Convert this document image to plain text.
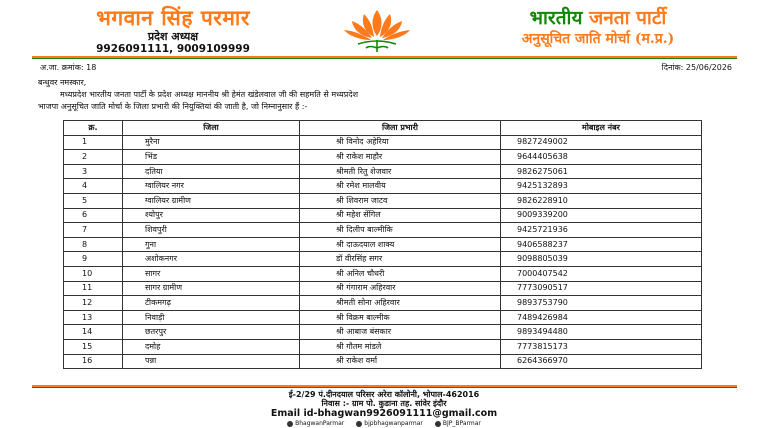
भगवान सिंह परमार
प्रदेश अध्यक्ष
9926091111, 9009109999
भारतीय जनता पार्टी
अनुसूचित जाति मोर्चा (म.प्र.)
अ.जा. क्रमांक: 18	दिनांक: 25/06/2026
बन्धुवर नमस्कार,
मध्यप्रदेश भारतीय जनता पार्टी के प्रदेश अध्यक्ष माननीय श्री हेमंत खंडेलवाल जी की सहमति से मध्यप्रदेश
भाजपा अनुसूचित जाति मोर्चा के जिला प्रभारी की नियुक्तियां की जाती है, जो निम्नानुसार हैं :-
क्र.	जिला	जिला प्रभारी	मोबाइल नंबर
1	मुरैना	श्री विनोद अहेरिया	9827249002
2	भिंड	श्री राकेश माहौर	9644405638
3	दतिया	श्रीमती रितु शेजवार	9826275061
4	ग्वालियर नगर	श्री रमेश मालवीय	9425132893
5	ग्वालियर ग्रामीण	श्री शिवराम जाटव	9826228910
6	श्योपुर	श्री महेश सेंगिल	9009339200
7	शिवपुरी	श्री दिलीप बाल्मीकि	9425721936
8	गुना	श्री दाऊदयाल शाक्य	9406588237
9	अशोकनगर	डॉ वीरसिंह सगर	9098805039
10	सागर	श्री अनिल चौधरी	7000407542
11	सागर ग्रामीण	श्री गंगाराम अहिरवार	7773090517
12	टीकमगढ़	श्रीमती सोना अहिरवार	9893753790
13	निवाड़ी	श्री विक्रम बाल्मीक	7489426984
14	छतरपुर	श्री आबाज बंसकार	9893494480
15	दमोह	श्री गौतम मांडले	7773815173
16	पन्ना	श्री राकेश वर्मा	6264366970
ई-2/29 पं.दीनदयाल परिसर अरेरा कॉलोनी, भोपाल-462016
निवास :- ग्राम पो. कुडाना तह. सांवेर इंदौर
Email id-bhagwan9926091111@gmail.com
BhagwanParmar	bjpbhagwanparmar	BJP_BParmar
